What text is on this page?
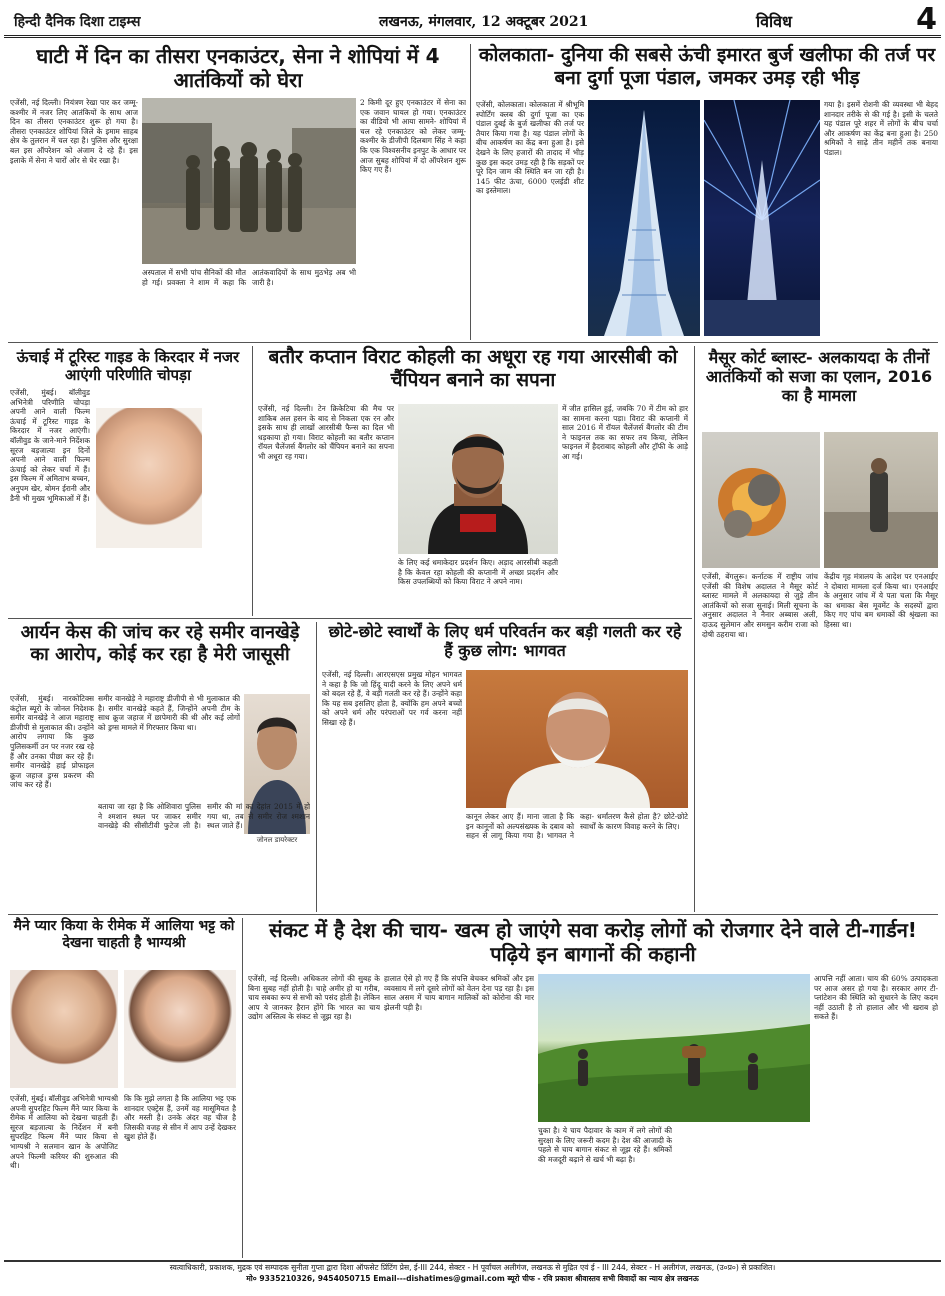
हिन्दी दैनिक दिशा टाइम्स	लखनऊ, मंगलवार, 12 अक्टूबर 2021	विविध	4
घाटी में दिन का तीसरा एनकाउंटर, सेना ने शोपियां में 4 आतंकियों को घेरा
एजेंसी, नई दिल्ली। नियंत्रण रेखा पार कर जम्मू-कश्मीर में नजर लिए आतंकियों के साथ आज दिन का तीसरा एनकाउंटर शुरू हो गया है। तीसरा एनकाउंटर शोपियां जिले के इमाम साहब क्षेत्र के तुलरान में चल रहा है। पुलिस और सुरक्षा बल इस ऑपरेशन को अंजाम दे रहे हैं। इस इलाके में सेना ने चारों ओर से घेर रखा है।
अस्पताल में सभी पांच सैनिकों की मौत हो गई। प्रवक्ता ने शाम में कहा कि आतंकवादियों के साथ मुठभेड़ अब भी जारी है।
2 किमी दूर हुए एनकाउंटर में सेना का एक जवान घायल हो गया। एनकाउंटर का वीडियो भी आया सामने- शोपियां में चल रहे एनकाउंटर को लेकर जम्मू-कश्मीर के डीजीपी दिलबाग सिंह ने कहा कि एक विश्वसनीय इनपुट के आधार पर आज सुबह शोपियां में दो ऑपरेशन शुरू किए गए हैं।
कोलकाता- दुनिया की सबसे ऊंची इमारत बुर्ज खलीफा की तर्ज पर बना दुर्गा पूजा पंडाल, जमकर उमड़ रही भीड़
एजेंसी, कोलकाता। कोलकाता में श्रीभूमि स्पोर्टिंग क्लब की दुर्गा पूजा का एक पंडाल दुबई के बुर्ज खलीफा की तर्ज पर तैयार किया गया है। यह पंडाल लोगों के बीच आकर्षण का केंद्र बना हुआ है। इसे देखने के लिए हजारों की तादाद में भीड़ कुछ इस कदर उमड़ रही है कि सड़कों पर पूरे दिन जाम की स्थिति बन जा रही है। 145 फीट ऊंचा, 6000 एलईडी शीट का इस्तेमाल।
गया है। इसमें रोशनी की व्यवस्था भी बेहद शानदार तरीके से की गई है। इसी के चलते यह पंडाल पूरे शहर में लोगों के बीच चर्चा और आकर्षण का केंद्र बना हुआ है। 250 श्रमिकों ने साढ़े तीन महीने तक बनाया पंडाल।
ऊंचाई में टूरिस्ट गाइड के किरदार में नजर आएंगी परिणीति चोपड़ा
एजेंसी, मुंबई। बॉलीवुड अभिनेत्री परिणीति चोपड़ा अपनी आने वाली फिल्म ऊंचाई में टूरिस्ट गाइड के किरदार में नजर आएंगी। बॉलीवुड के जाने-माने निर्देशक सूरज बड़जात्या इन दिनों अपनी आने वाली फिल्म ऊंचाई को लेकर चर्चा में हैं। इस फिल्म में अमिताभ बच्चन, अनुपम खेर, बोमन ईरानी और डैनी भी मुख्य भूमिकाओं में हैं।
बतौर कप्तान विराट कोहली का अधूरा रह गया आरसीबी को चैंपियन बनाने का सपना
एजेंसी, नई दिल्ली। टेन क्रिकेटिया की मैच पर शाकिब अल हसन के बाद से निकला एक रन और इसके साथ ही लाखों आरसीबी फैन्स का दिल भी धड़काया हो गया। विराट कोहली का बतौर कप्तान रॉयल चैलेंजर्स बैंगलोर को चैंपियन बनाने का सपना भी अधूरा रह गया।
में जीत हासिल हुई, जबकि 70 में टीम को हार का सामना करना पड़ा। विराट की कप्तानी में साल 2016 में रॉयल चैलेंजर्स बैंगलोर की टीम ने फाइनल तक का सफर तय किया, लेकिन फाइनल में हैदराबाद कोहली और ट्रॉफी के आड़े आ गई।
के लिए कई धमाकेदार प्रदर्शन किए। अड़ाद आरसीबी कहती है कि केवल रहा कोहली की कप्तानी में अच्छा प्रदर्शन और किस उपलब्धियों को किया विराट ने अपने नाम।
मैसूर कोर्ट ब्लास्ट- अलकायदा के तीनों आतंकियों को सजा का एलान, 2016 का है मामला
एजेंसी, बेंगलुरू। कर्नाटक में राष्ट्रीय जांच एजेंसी की विशेष अदालत ने मैसूर कोर्ट ब्लास्ट मामले में अलकायदा से जुड़े तीन आतंकियों को सजा सुनाई। मिली सूचना के अनुसार अदालत ने नैनार अब्बास अली, दाऊद सुलेमान और समसुन करीम राजा को दोषी ठहराया था।
केंद्रीय गृह मंत्रालय के आदेश पर एनआईए ने दोबारा मामला दर्ज किया था। एनआईए के अनुसार जांच में ये पता चला कि मैसूर का धमाका बेस मूवमेंट के सदस्यों द्वारा किए गए पांच बम धमाकों की श्रृंखला का हिस्सा था।
आर्यन केस की जांच कर रहे समीर वानखेड़े का आरोप, कोई कर रहा है मेरी जासूसी
एजेंसी, मुंबई। नारकोटिक्स कंट्रोल ब्यूरो के जोनल निदेशक समीर वानखेड़े ने आज महाराष्ट्र डीजीपी से मुलाकात की। उन्होंने आरोप लगाया कि कुछ पुलिसकर्मी उन पर नजर रख रहे हैं और उनका पीछा कर रहे हैं। समीर वानखेड़े हाई प्रोफाइल क्रूज जहाज ड्रग्स प्रकरण की जांच कर रहे हैं।
समीर वानखेड़े ने महाराष्ट्र डीजीपी से भी मुलाकात की है। समीर वानखेड़े कहते हैं, जिन्होंने अपनी टीम के साथ क्रूज जहाज में छापेमारी की थी और कई लोगों को ड्रग्स मामले में गिरफ्तार किया था।
जोनल डायरेक्टर
बताया जा रहा है कि ओशिवारा पुलिस ने श्मशान स्थल पर जाकर समीर वानखेड़े की सीसीटीवी फुटेज ली है। समीर की मां का देहांत 2015 में हो गया था, तब से समीर रोज श्मशान स्थल जाते हैं।
छोटे-छोटे स्वार्थों के लिए धर्म परिवर्तन कर बड़ी गलती कर रहे हैं कुछ लोग: भागवत
एजेंसी, नई दिल्ली। आरएसएस प्रमुख मोहन भागवत ने कहा है कि जो हिंदू यादी करने के लिए अपने धर्म को बदल रहे हैं, वे बड़ी गलती कर रहे हैं। उन्होंने कहा कि यह सब इसलिए होता है, क्योंकि हम अपने बच्चों को अपने धर्म और परंपराओं पर गर्व करना नहीं सिखा रहे हैं।
कानून लेकर आए हैं। माना जाता है कि इन कानूनों को अल्पसंख्यक के दबाव को सहन से लागू किया गया है। भागवत ने कहा- धर्मांतरण कैसे होता है? छोटे-छोटे स्वार्थों के कारण विवाह करने के लिए।
मैने प्यार किया के रीमेक में आलिया भट्ट को देखना चाहती है भाग्यश्री
एजेंसी, मुंबई। बॉलीवुड अभिनेत्री भाग्यश्री अपनी सुपरहिट फिल्म मैंने प्यार किया के रीमेक में आलिया को देखना चाहती हैं। सूरज बड़जात्या के निर्देशन में बनी सुपरहिट फिल्म मैंने प्यार किया से भाग्यश्री ने सलमान खान के अपोजिट अपने फिल्मी करियर की शुरुआत की थी।
कि कि मुझे लगता है कि आलिया भट्ट एक शानदार एक्ट्रेस हैं, उनमें वह मासूमियत है और मस्ती है। उनके अंदर वह चीज है जिसकी वजह से सीन में आप उन्हें देखकर खुश होते हैं।
संकट में है देश की चाय- खत्म हो जाएंगे सवा करोड़ लोगों को रोजगार देने वाले टी-गार्डन! पढ़िये इन बागानों की कहानी
एजेंसी, नई दिल्ली। अधिकतर लोगों की सुबह के बिना सुबह नहीं होती है। चाहे अमीर हो या गरीब, चाय सबका रूप से सभी को पसंद होती है। लेकिन आप ये जानकर हैरान होंगे कि भारत का चाय उद्योग अस्तित्व के संकट से जूझ रहा है।
हालात ऐसे हो गए हैं कि संपत्ति बेचकर श्रमिकों और इस व्यवसाय में लगे दूसरे लोगों को वेतन देना पड़ रहा है। इस साल असम में चाय बागान मालिकों को कोरोना की मार झेलनी पड़ी है।
चुका है। ये चाय पैदावार के काम में लगे लोगों की सुरक्षा के लिए जरूरी कदम है। देश की आजादी के पहले से चाय बागान संकट से जूझ रहे हैं। श्रमिकों की मजदूरी बढ़ाने से खर्च भी बढ़ा है।
आपत्ति नहीं आता। चाय की 60% उत्पादकता पर आज असर हो गया है। सरकार अगर टी-प्लांटेशन की स्थिति को सुधारने के लिए कदम नहीं उठाती है तो हालात और भी खराब हो सकते हैं।
स्वत्वाधिकारी, प्रकाशक, मुद्रक एवं सम्पादक सुनीता गुप्ता द्वारा दिशा ऑफसेट प्रिंटिंग प्रेस, ई-III 244, सेक्टर - H पूर्वांचल अलीगंज, लखनऊ से मुद्रित एवं ई - III 244, सेक्टर - H अलीगंज, लखनऊ, (उ०प्र०) से प्रकाशित।
मो० 9335210326, 9454050715 Email---dishatimes@gmail.com ब्यूरो चीफ - रवि प्रकाश श्रीवास्तव सभी विवादों का न्याय क्षेत्र लखनऊ
